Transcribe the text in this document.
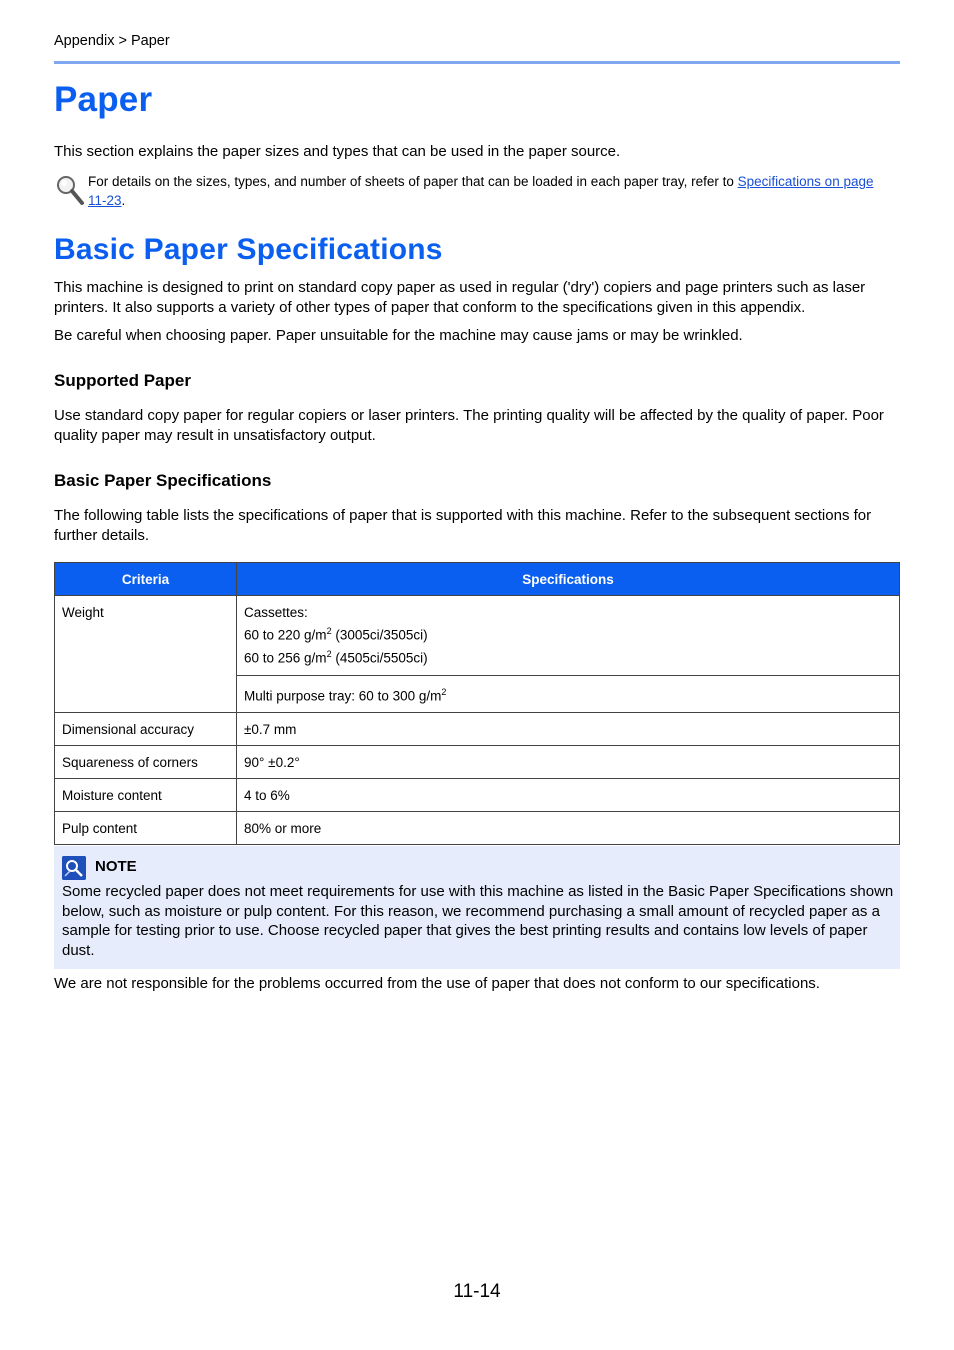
Appendix > Paper
Paper

This section explains the paper sizes and types that can be used in the paper source.

For details on the sizes, types, and number of sheets of paper that can be loaded in each paper tray, refer to Specifications on page 11-23.
Basic Paper Specifications

This machine is designed to print on standard copy paper as used in regular ('dry') copiers and page printers such as laser printers. It also supports a variety of other types of paper that conform to the specifications given in this appendix.

Be careful when choosing paper. Paper unsuitable for the machine may cause jams or may be wrinkled.

Supported Paper

Use standard copy paper for regular copiers or laser printers. The printing quality will be affected by the quality of paper. Poor quality paper may result in unsatisfactory output.

Basic Paper Specifications

The following table lists the specifications of paper that is supported with this machine. Refer to the subsequent sections for further details.

Criteria	Specifications
Weight	Cassettes:
60 to 220 $g/m^2$ (3005ci/3505ci)
60 to 256 $g/m^2$ (4505ci/5505ci)

	Multi purpose tray: 60 to 300 $g/m^2$
Dimensional accuracy	±0.7 mm
Squareness of corners	90° ±0.2°
Moisture content	4 to 6%
Pulp content	80% or more
NOTE
Some recycled paper does not meet requirements for use with this machine as listed in the Basic Paper Specifications shown below, such as moisture or pulp content. For this reason, we recommend purchasing a small amount of recycled paper as a sample for testing prior to use. Choose recycled paper that gives the best printing results and contains low levels of paper dust.

We are not responsible for the problems occurred from the use of paper that does not conform to our specifications.

11-14
